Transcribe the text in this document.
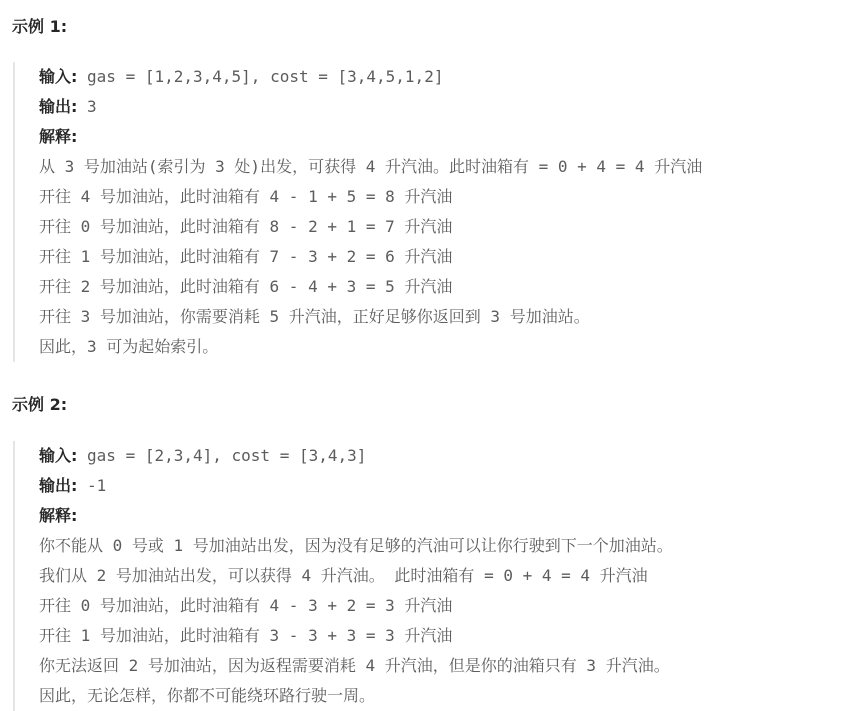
示例 1:
输入: gas = [1,2,3,4,5], cost = [3,4,5,1,2]
输出: 3
解释:
从 3 号加油站(索引为 3 处)出发，可获得 4 升汽油。此时油箱有 = 0 + 4 = 4 升汽油
开往 4 号加油站，此时油箱有 4 - 1 + 5 = 8 升汽油
开往 0 号加油站，此时油箱有 8 - 2 + 1 = 7 升汽油
开往 1 号加油站，此时油箱有 7 - 3 + 2 = 6 升汽油
开往 2 号加油站，此时油箱有 6 - 4 + 3 = 5 升汽油
开往 3 号加油站，你需要消耗 5 升汽油，正好足够你返回到 3 号加油站。
因此，3 可为起始索引。
示例 2:
输入: gas = [2,3,4], cost = [3,4,3]
输出: -1
解释:
你不能从 0 号或 1 号加油站出发，因为没有足够的汽油可以让你行驶到下一个加油站。
我们从 2 号加油站出发，可以获得 4 升汽油。 此时油箱有 = 0 + 4 = 4 升汽油
开往 0 号加油站，此时油箱有 4 - 3 + 2 = 3 升汽油
开往 1 号加油站，此时油箱有 3 - 3 + 3 = 3 升汽油
你无法返回 2 号加油站，因为返程需要消耗 4 升汽油，但是你的油箱只有 3 升汽油。
因此，无论怎样，你都不可能绕环路行驶一周。
